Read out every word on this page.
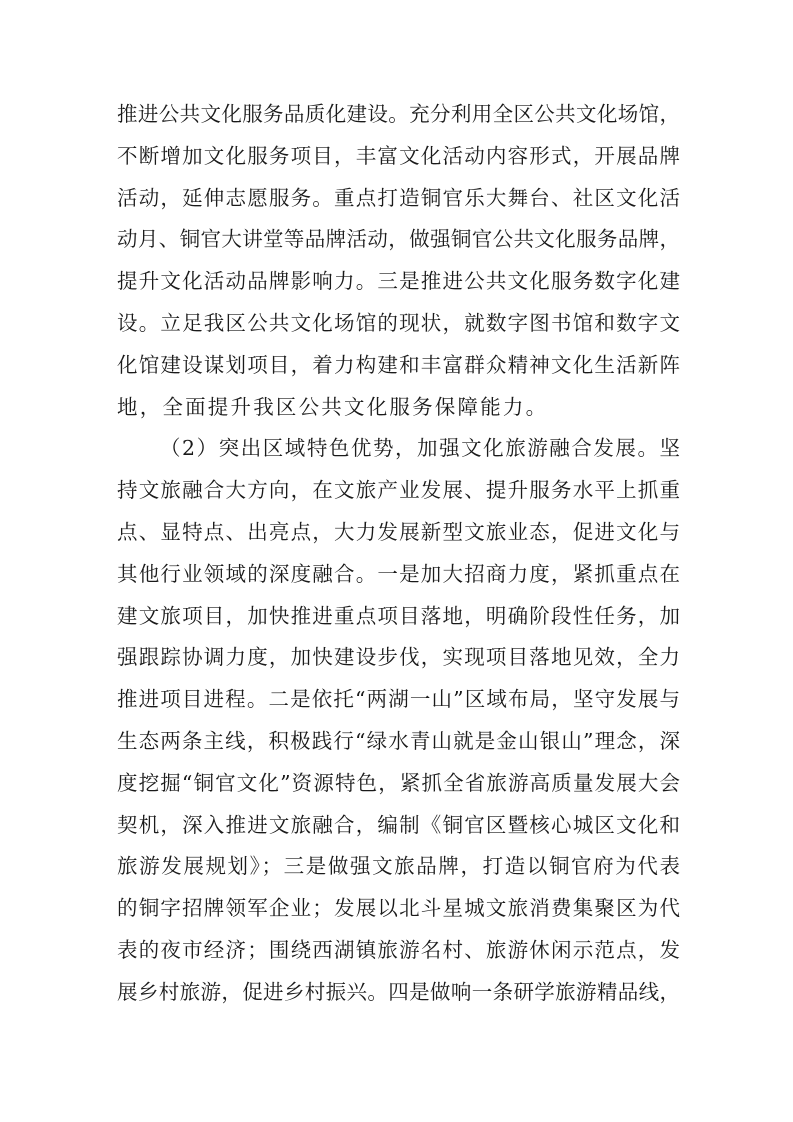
推进公共文化服务品质化建设。充分利用全区公共文化场馆，
不断增加文化服务项目，丰富文化活动内容形式，开展品牌
活动，延伸志愿服务。重点打造铜官乐大舞台、社区文化活
动月、铜官大讲堂等品牌活动，做强铜官公共文化服务品牌，
提升文化活动品牌影响力。三是推进公共文化服务数字化建
设。立足我区公共文化场馆的现状，就数字图书馆和数字文
化馆建设谋划项目，着力构建和丰富群众精神文化生活新阵
地，全面提升我区公共文化服务保障能力。
（2）突出区域特色优势，加强文化旅游融合发展。坚
持文旅融合大方向，在文旅产业发展、提升服务水平上抓重
点、显特点、出亮点，大力发展新型文旅业态，促进文化与
其他行业领域的深度融合。一是加大招商力度，紧抓重点在
建文旅项目，加快推进重点项目落地，明确阶段性任务，加
强跟踪协调力度，加快建设步伐，实现项目落地见效，全力
推进项目进程。二是依托“两湖一山”区域布局，坚守发展与
生态两条主线，积极践行“绿水青山就是金山银山”理念，深
度挖掘“铜官文化”资源特色，紧抓全省旅游高质量发展大会
契机，深入推进文旅融合，编制《铜官区暨核心城区文化和
旅游发展规划》；三是做强文旅品牌，打造以铜官府为代表
的铜字招牌领军企业；发展以北斗星城文旅消费集聚区为代
表的夜市经济；围绕西湖镇旅游名村、旅游休闲示范点，发
展乡村旅游，促进乡村振兴。四是做响一条研学旅游精品线，
